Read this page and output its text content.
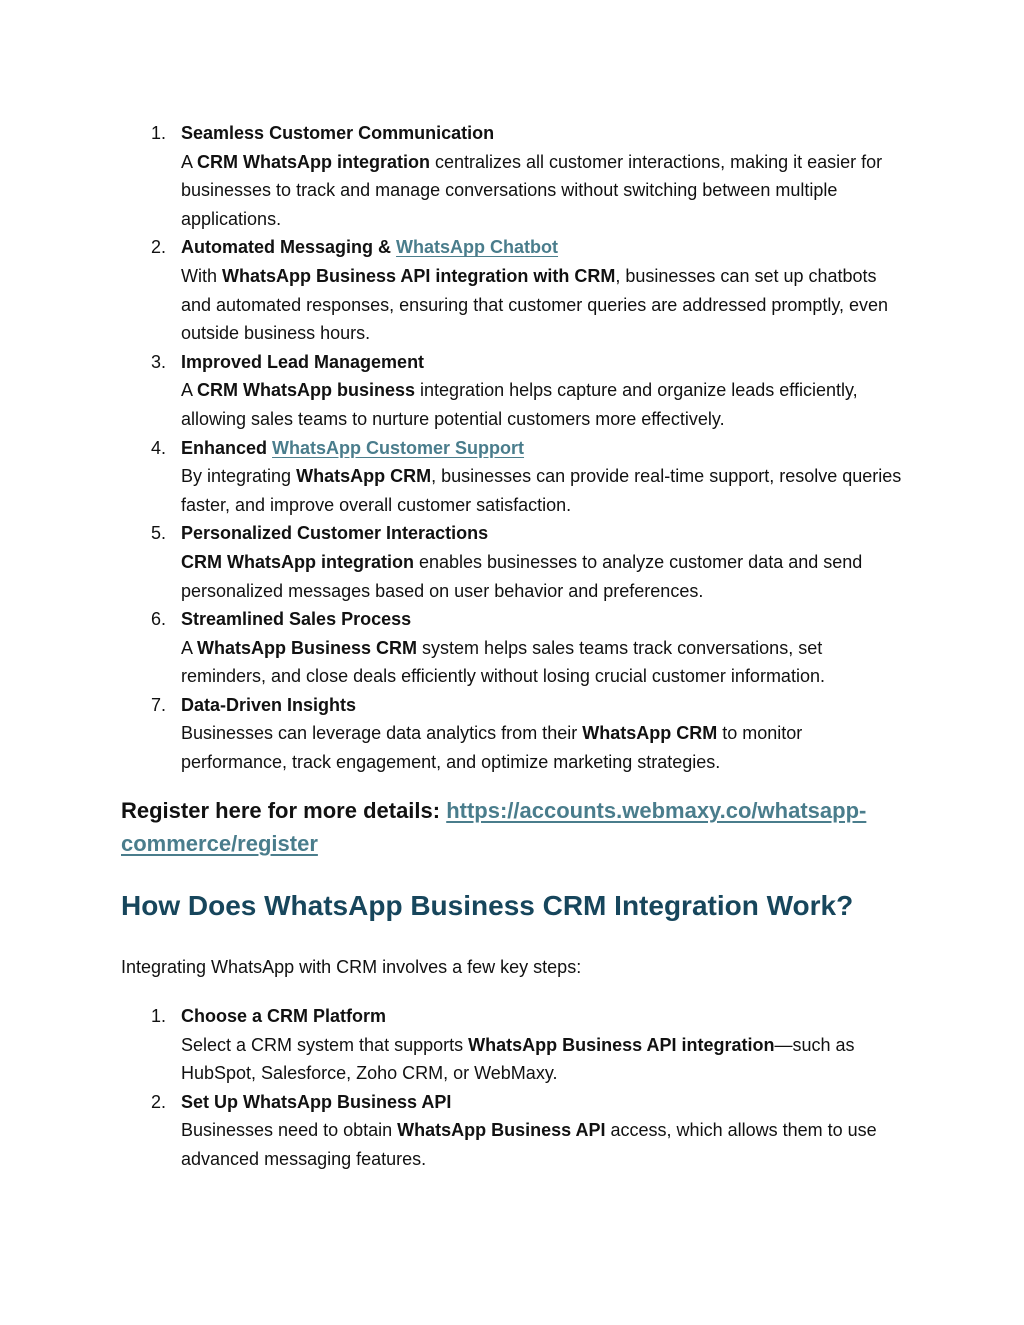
1. Seamless Customer Communication
A CRM WhatsApp integration centralizes all customer interactions, making it easier for businesses to track and manage conversations without switching between multiple applications.
2. Automated Messaging & WhatsApp Chatbot
With WhatsApp Business API integration with CRM, businesses can set up chatbots and automated responses, ensuring that customer queries are addressed promptly, even outside business hours.
3. Improved Lead Management
A CRM WhatsApp business integration helps capture and organize leads efficiently, allowing sales teams to nurture potential customers more effectively.
4. Enhanced WhatsApp Customer Support
By integrating WhatsApp CRM, businesses can provide real-time support, resolve queries faster, and improve overall customer satisfaction.
5. Personalized Customer Interactions
CRM WhatsApp integration enables businesses to analyze customer data and send personalized messages based on user behavior and preferences.
6. Streamlined Sales Process
A WhatsApp Business CRM system helps sales teams track conversations, set reminders, and close deals efficiently without losing crucial customer information.
7. Data-Driven Insights
Businesses can leverage data analytics from their WhatsApp CRM to monitor performance, track engagement, and optimize marketing strategies.

Register here for more details: https://accounts.webmaxy.co/whatsapp-commerce/register

How Does WhatsApp Business CRM Integration Work?

Integrating WhatsApp with CRM involves a few key steps:

1. Choose a CRM Platform
Select a CRM system that supports WhatsApp Business API integration—such as HubSpot, Salesforce, Zoho CRM, or WebMaxy.
2. Set Up WhatsApp Business API
Businesses need to obtain WhatsApp Business API access, which allows them to use advanced messaging features.
